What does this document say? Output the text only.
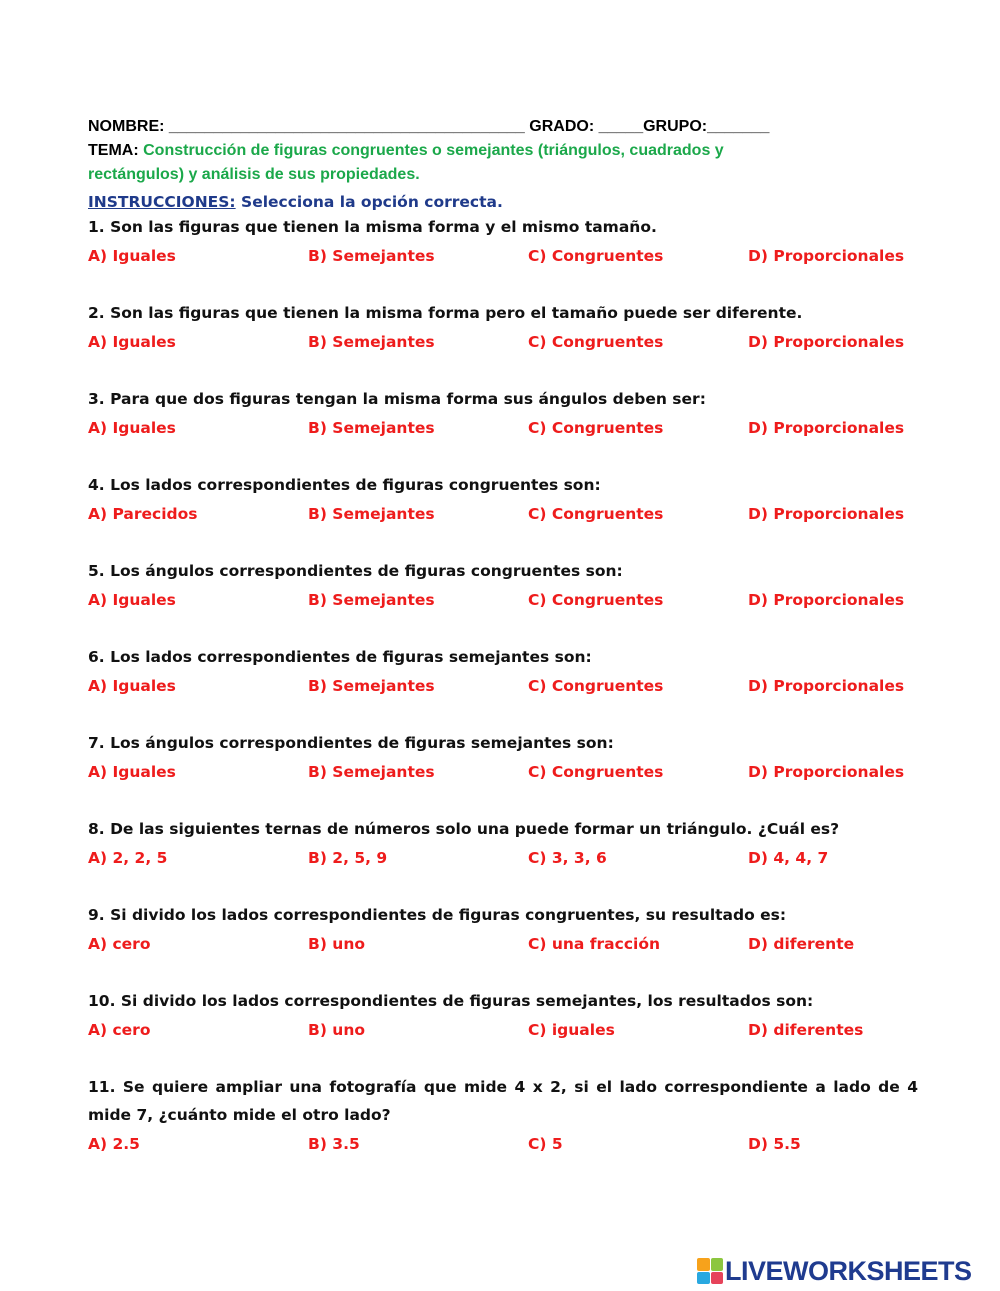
NOMBRE: ________________________________________ GRADO: _____GRUPO:_______
TEMA: Construcción de figuras congruentes o semejantes (triángulos, cuadrados y rectángulos) y análisis de sus propiedades.
INSTRUCCIONES: Selecciona la opción correcta.
1. Son las figuras que tienen la misma forma y el mismo tamaño.
A) Iguales	B) Semejantes	C) Congruentes	D) Proporcionales
2. Son las figuras que tienen la misma forma pero el tamaño puede ser diferente.
A) Iguales	B) Semejantes	C) Congruentes	D) Proporcionales
3. Para que dos figuras tengan la misma forma sus ángulos deben ser:
A) Iguales	B) Semejantes	C) Congruentes	D) Proporcionales
4. Los lados correspondientes de figuras congruentes son:
A) Parecidos	B) Semejantes	C) Congruentes	D) Proporcionales
5. Los ángulos correspondientes de figuras congruentes son:
A) Iguales	B) Semejantes	C) Congruentes	D) Proporcionales
6. Los lados correspondientes de figuras semejantes son:
A) Iguales	B) Semejantes	C) Congruentes	D) Proporcionales
7. Los ángulos correspondientes de figuras semejantes son:
A) Iguales	B) Semejantes	C) Congruentes	D) Proporcionales
8. De las siguientes ternas de números solo una puede formar un triángulo. ¿Cuál es?
A) 2, 2, 5	B) 2, 5, 9	C) 3, 3, 6	D) 4, 4, 7
9. Si divido los lados correspondientes de figuras congruentes, su resultado es:
A) cero	B) uno	C) una fracción	D) diferente
10. Si divido los lados correspondientes de figuras semejantes, los resultados son:
A) cero	B) uno	C) iguales	D) diferentes
11. Se quiere ampliar una fotografía que mide 4 x 2, si el lado correspondiente a lado de 4 mide 7, ¿cuánto mide el otro lado?
A) 2.5	B) 3.5	C) 5	D) 5.5
LIVEWORKSHEETS
